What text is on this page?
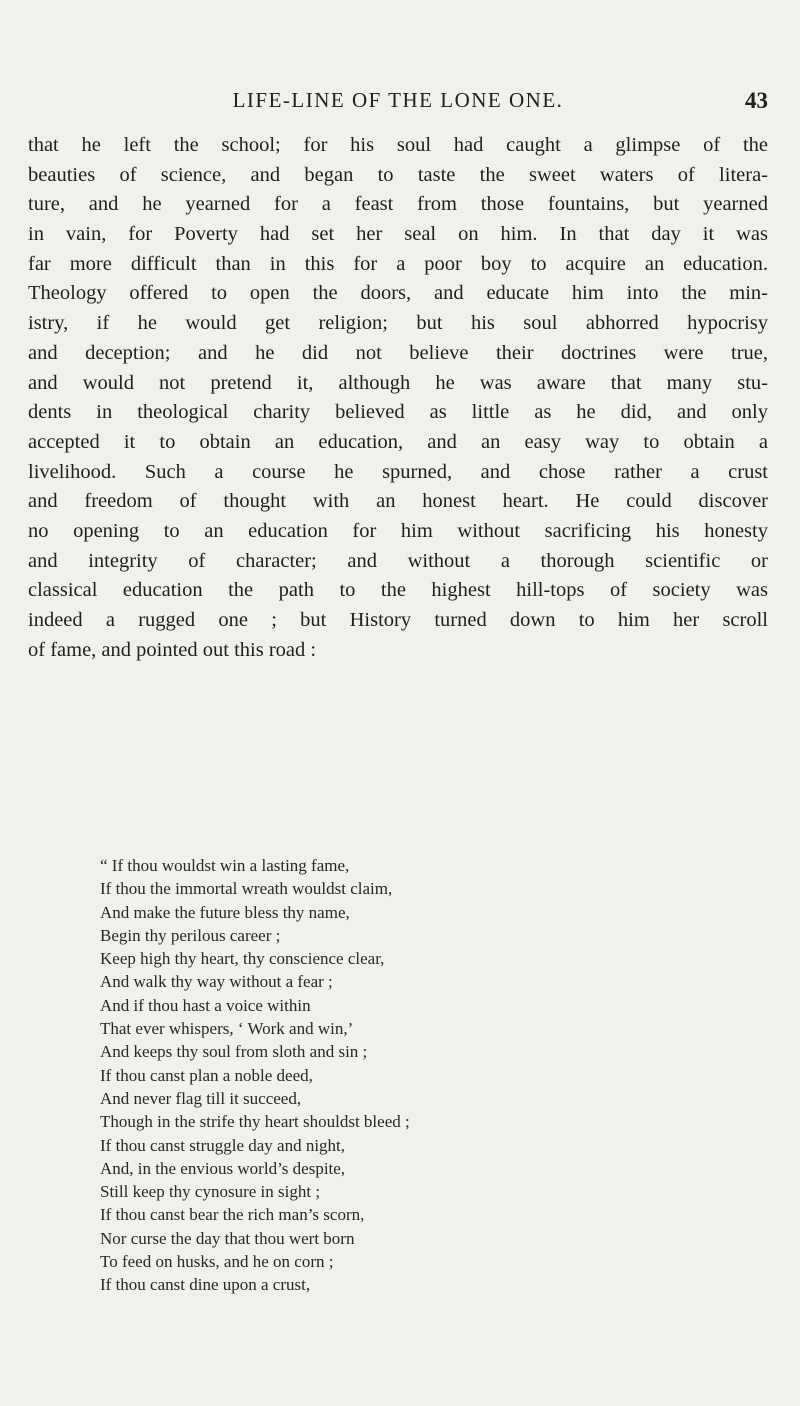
LIFE-LINE OF THE LONE ONE.	43
that he left the school; for his soul had caught a glimpse of the
beauties of science, and began to taste the sweet waters of litera-
ture, and he yearned for a feast from those fountains, but yearned
in vain, for Poverty had set her seal on him. In that day it was
far more difficult than in this for a poor boy to acquire an education.
Theology offered to open the doors, and educate him into the min-
istry, if he would get religion; but his soul abhorred hypocrisy
and deception; and he did not believe their doctrines were true,
and would not pretend it, although he was aware that many stu-
dents in theological charity believed as little as he did, and only
accepted it to obtain an education, and an easy way to obtain a
livelihood. Such a course he spurned, and chose rather a crust
and freedom of thought with an honest heart. He could discover
no opening to an education for him without sacrificing his honesty
and integrity of character; and without a thorough scientific or
classical education the path to the highest hill-tops of society was
indeed a rugged one ; but History turned down to him her scroll
of fame, and pointed out this road :
“ If thou wouldst win a lasting fame,
If thou the immortal wreath wouldst claim,
And make the future bless thy name,
Begin thy perilous career ;
Keep high thy heart, thy conscience clear,
And walk thy way without a fear ;
And if thou hast a voice within
That ever whispers, ‘ Work and win,’
And keeps thy soul from sloth and sin ;
If thou canst plan a noble deed,
And never flag till it succeed,
Though in the strife thy heart shouldst bleed ;
If thou canst struggle day and night,
And, in the envious world’s despite,
Still keep thy cynosure in sight ;
If thou canst bear the rich man’s scorn,
Nor curse the day that thou wert born
To feed on husks, and he on corn ;
If thou canst dine upon a crust,
